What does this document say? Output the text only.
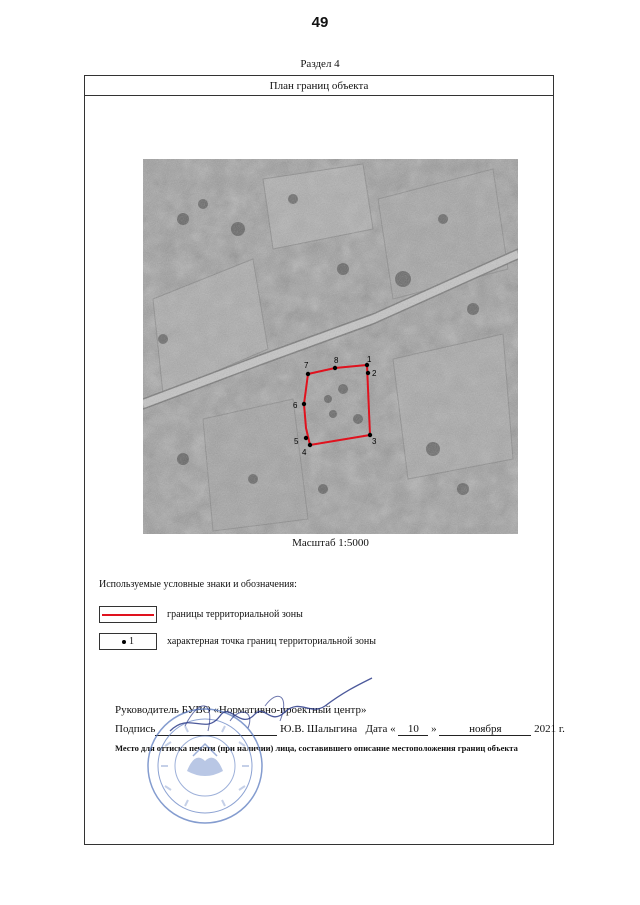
49
Раздел 4
План границ объекта
1
2
3
4
5
6
7
8
Масштаб 1:5000
Используемые условные знаки и обозначения:
границы территориальной зоны
1	характерная точка границ территориальной зоны
Руководитель БУВО «Нормативно-проектный центр»
Подпись	Ю.В. Шалыгина Дата « 10 »	ноября	2021 г.
Место для оттиска печати (при наличии) лица, составившего описание местоположения границ объекта
